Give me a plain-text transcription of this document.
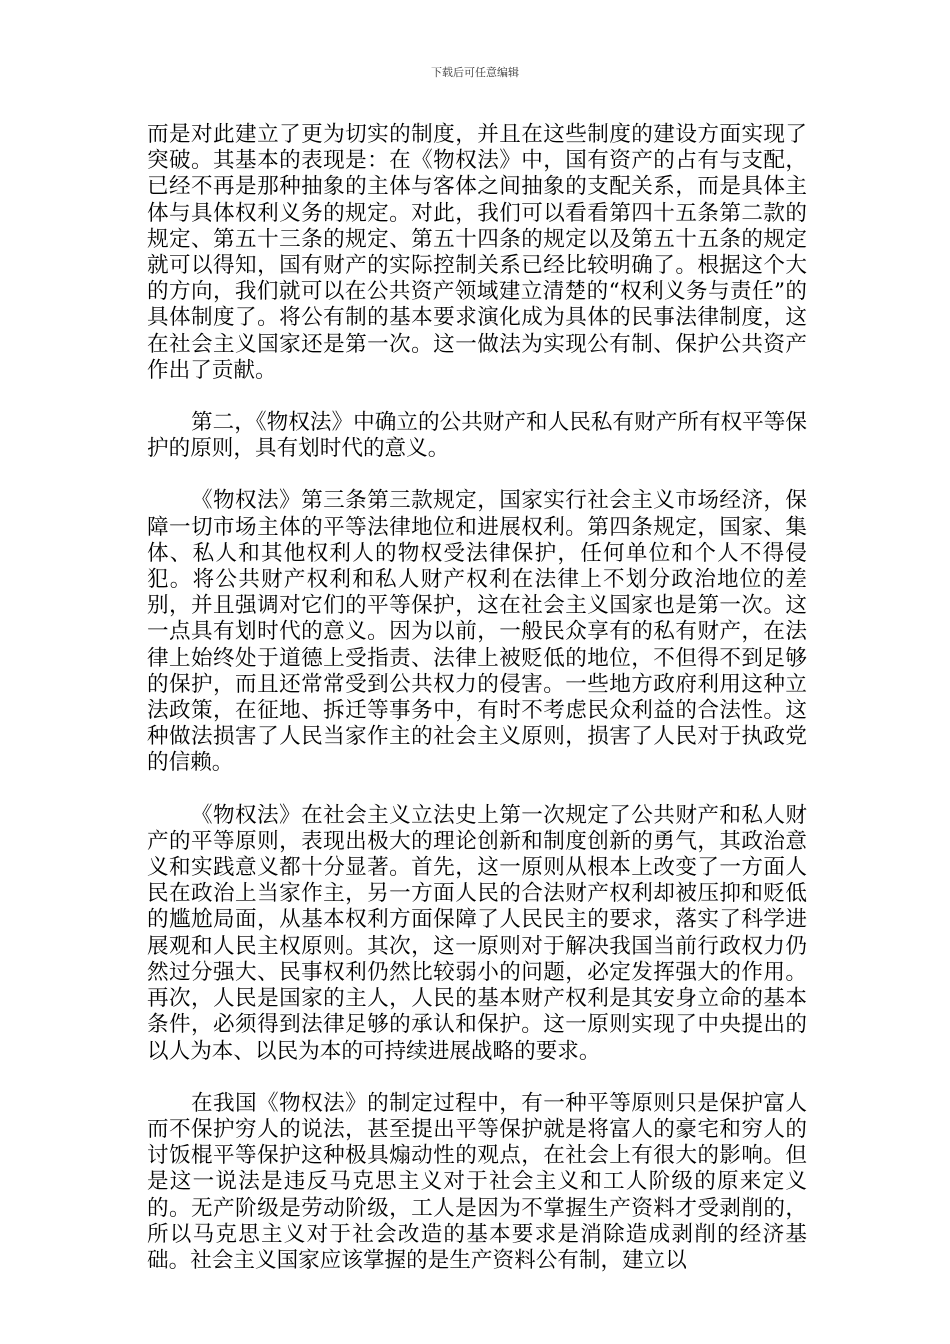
下载后可任意编辑

而是对此建立了更为切实的制度，并且在这些制度的建设方面实现了突破。其基本的表现是：在《物权法》中，国有资产的占有与支配，已经不再是那种抽象的主体与客体之间抽象的支配关系，而是具体主体与具体权利义务的规定。对此，我们可以看看第四十五条第二款的规定、第五十三条的规定、第五十四条的规定以及第五十五条的规定就可以得知，国有财产的实际控制关系已经比较明确了。根据这个大的方向，我们就可以在公共资产领域建立清楚的“权利义务与责任”的具体制度了。将公有制的基本要求演化成为具体的民事法律制度，这在社会主义国家还是第一次。这一做法为实现公有制、保护公共资产作出了贡献。

第二，《物权法》中确立的公共财产和人民私有财产所有权平等保护的原则，具有划时代的意义。

《物权法》第三条第三款规定，国家实行社会主义市场经济，保障一切市场主体的平等法律地位和进展权利。第四条规定，国家、集体、私人和其他权利人的物权受法律保护，任何单位和个人不得侵犯。将公共财产权利和私人财产权利在法律上不划分政治地位的差别，并且强调对它们的平等保护，这在社会主义国家也是第一次。这一点具有划时代的意义。因为以前，一般民众享有的私有财产，在法律上始终处于道德上受指责、法律上被贬低的地位，不但得不到足够的保护，而且还常常受到公共权力的侵害。一些地方政府利用这种立法政策，在征地、拆迁等事务中，有时不考虑民众利益的合法性。这种做法损害了人民当家作主的社会主义原则，损害了人民对于执政党的信赖。

《物权法》在社会主义立法史上第一次规定了公共财产和私人财产的平等原则，表现出极大的理论创新和制度创新的勇气，其政治意义和实践意义都十分显著。首先，这一原则从根本上改变了一方面人民在政治上当家作主，另一方面人民的合法财产权利却被压抑和贬低的尴尬局面，从基本权利方面保障了人民民主的要求，落实了科学进展观和人民主权原则。其次，这一原则对于解决我国当前行政权力仍然过分强大、民事权利仍然比较弱小的问题，必定发挥强大的作用。再次，人民是国家的主人，人民的基本财产权利是其安身立命的基本条件，必须得到法律足够的承认和保护。这一原则实现了中央提出的以人为本、以民为本的可持续进展战略的要求。

在我国《物权法》的制定过程中，有一种平等原则只是保护富人而不保护穷人的说法，甚至提出平等保护就是将富人的豪宅和穷人的讨饭棍平等保护这种极具煽动性的观点，在社会上有很大的影响。但是这一说法是违反马克思主义对于社会主义和工人阶级的原来定义的。无产阶级是劳动阶级，工人是因为不掌握生产资料才受剥削的，所以马克思主义对于社会改造的基本要求是消除造成剥削的经济基础。社会主义国家应该掌握的是生产资料公有制，建立以
